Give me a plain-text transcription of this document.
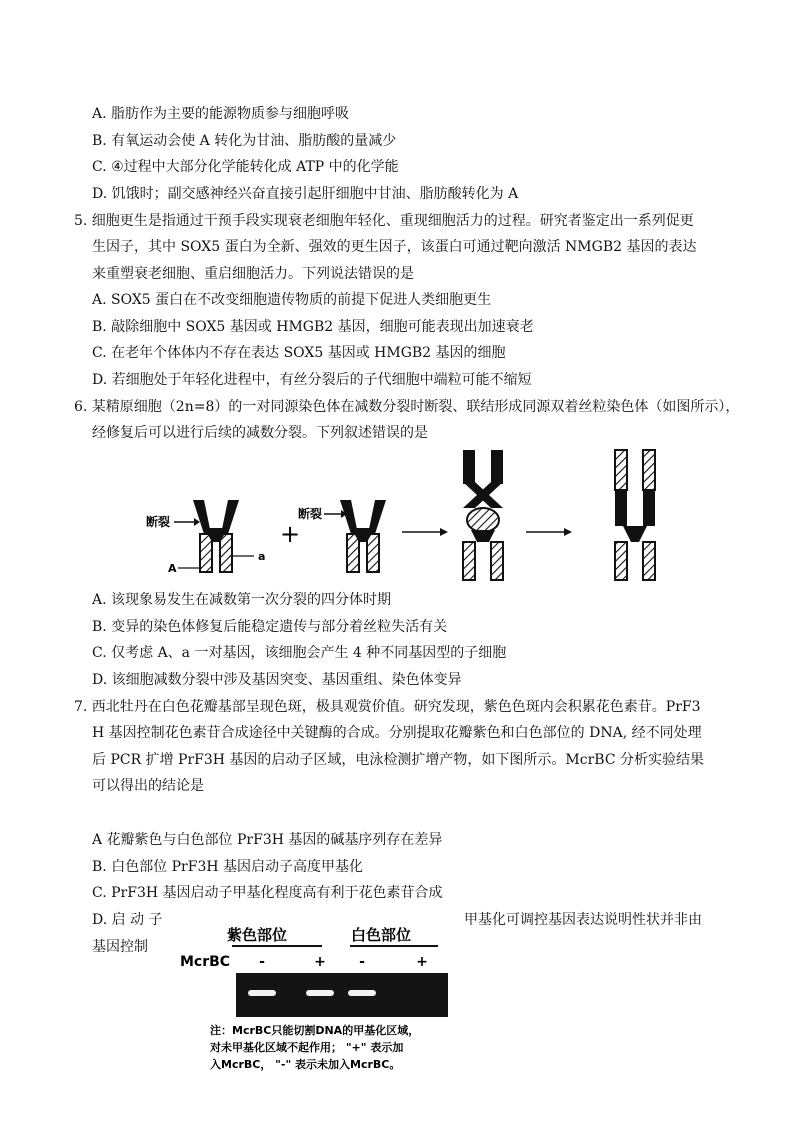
A. 脂肪作为主要的能源物质参与细胞呼吸
B. 有氧运动会使 A 转化为甘油、脂肪酸的量减少
C. ④过程中大部分化学能转化成 ATP 中的化学能
D. 饥饿时；副交感神经兴奋直接引起肝细胞中甘油、脂肪酸转化为 A
5. 细胞更生是指通过干预手段实现衰老细胞年轻化、重现细胞活力的过程。研究者鉴定出一系列促更
生因子，其中 SOX5 蛋白为全新、强效的更生因子，该蛋白可通过靶向激活 NMGB2 基因的表达
来重塑衰老细胞、重启细胞活力。下列说法错误的是
A. SOX5 蛋白在不改变细胞遗传物质的前提下促进人类细胞更生
B. 敲除细胞中 SOX5 基因或 HMGB2 基因，细胞可能表现出加速衰老
C. 在老年个体体内不存在表达 SOX5 基因或 HMGB2 基因的细胞
D. 若细胞处于年轻化进程中，有丝分裂后的子代细胞中端粒可能不缩短
6. 某精原细胞（2n=8）的一对同源染色体在减数分裂时断裂、联结形成同源双着丝粒染色体（如图所示），
经修复后可以进行后续的减数分裂。下列叙述错误的是
断裂
A
a
+
断裂
A. 该现象易发生在减数第一次分裂的四分体时期
B. 变异的染色体修复后能稳定遗传与部分着丝粒失活有关
C. 仅考虑 A、a 一对基因，该细胞会产生 4 种不同基因型的子细胞
D. 该细胞减数分裂中涉及基因突变、基因重组、染色体变异
7. 西北牡丹在白色花瓣基部呈现色斑，极具观赏价值。研究发现，紫色色斑内会积累花色素苷。PrF3
H 基因控制花色素苷合成途径中关键酶的合成。分别提取花瓣紫色和白色部位的 DNA, 经不同处理
后 PCR 扩增 PrF3H 基因的启动子区域，电泳检测扩增产物，如下图所示。McrBC 分析实验结果
可以得出的结论是
A 花瓣紫色与白色部位 PrF3H 基因的碱基序列存在差异
B. 白色部位 PrF3H 基因启动子高度甲基化
C. PrF3H 基因启动子甲基化程度高有利于花色素苷合成
D. 启 动 子	甲基化可调控基因表达说明性状并非由
基因控制
紫色部位	白色部位
McrBC -	+ -	+
注：McrBC只能切割DNA的甲基化区域，
对未甲基化区域不起作用； "+" 表示加
入McrBC， "-" 表示未加入McrBC。
